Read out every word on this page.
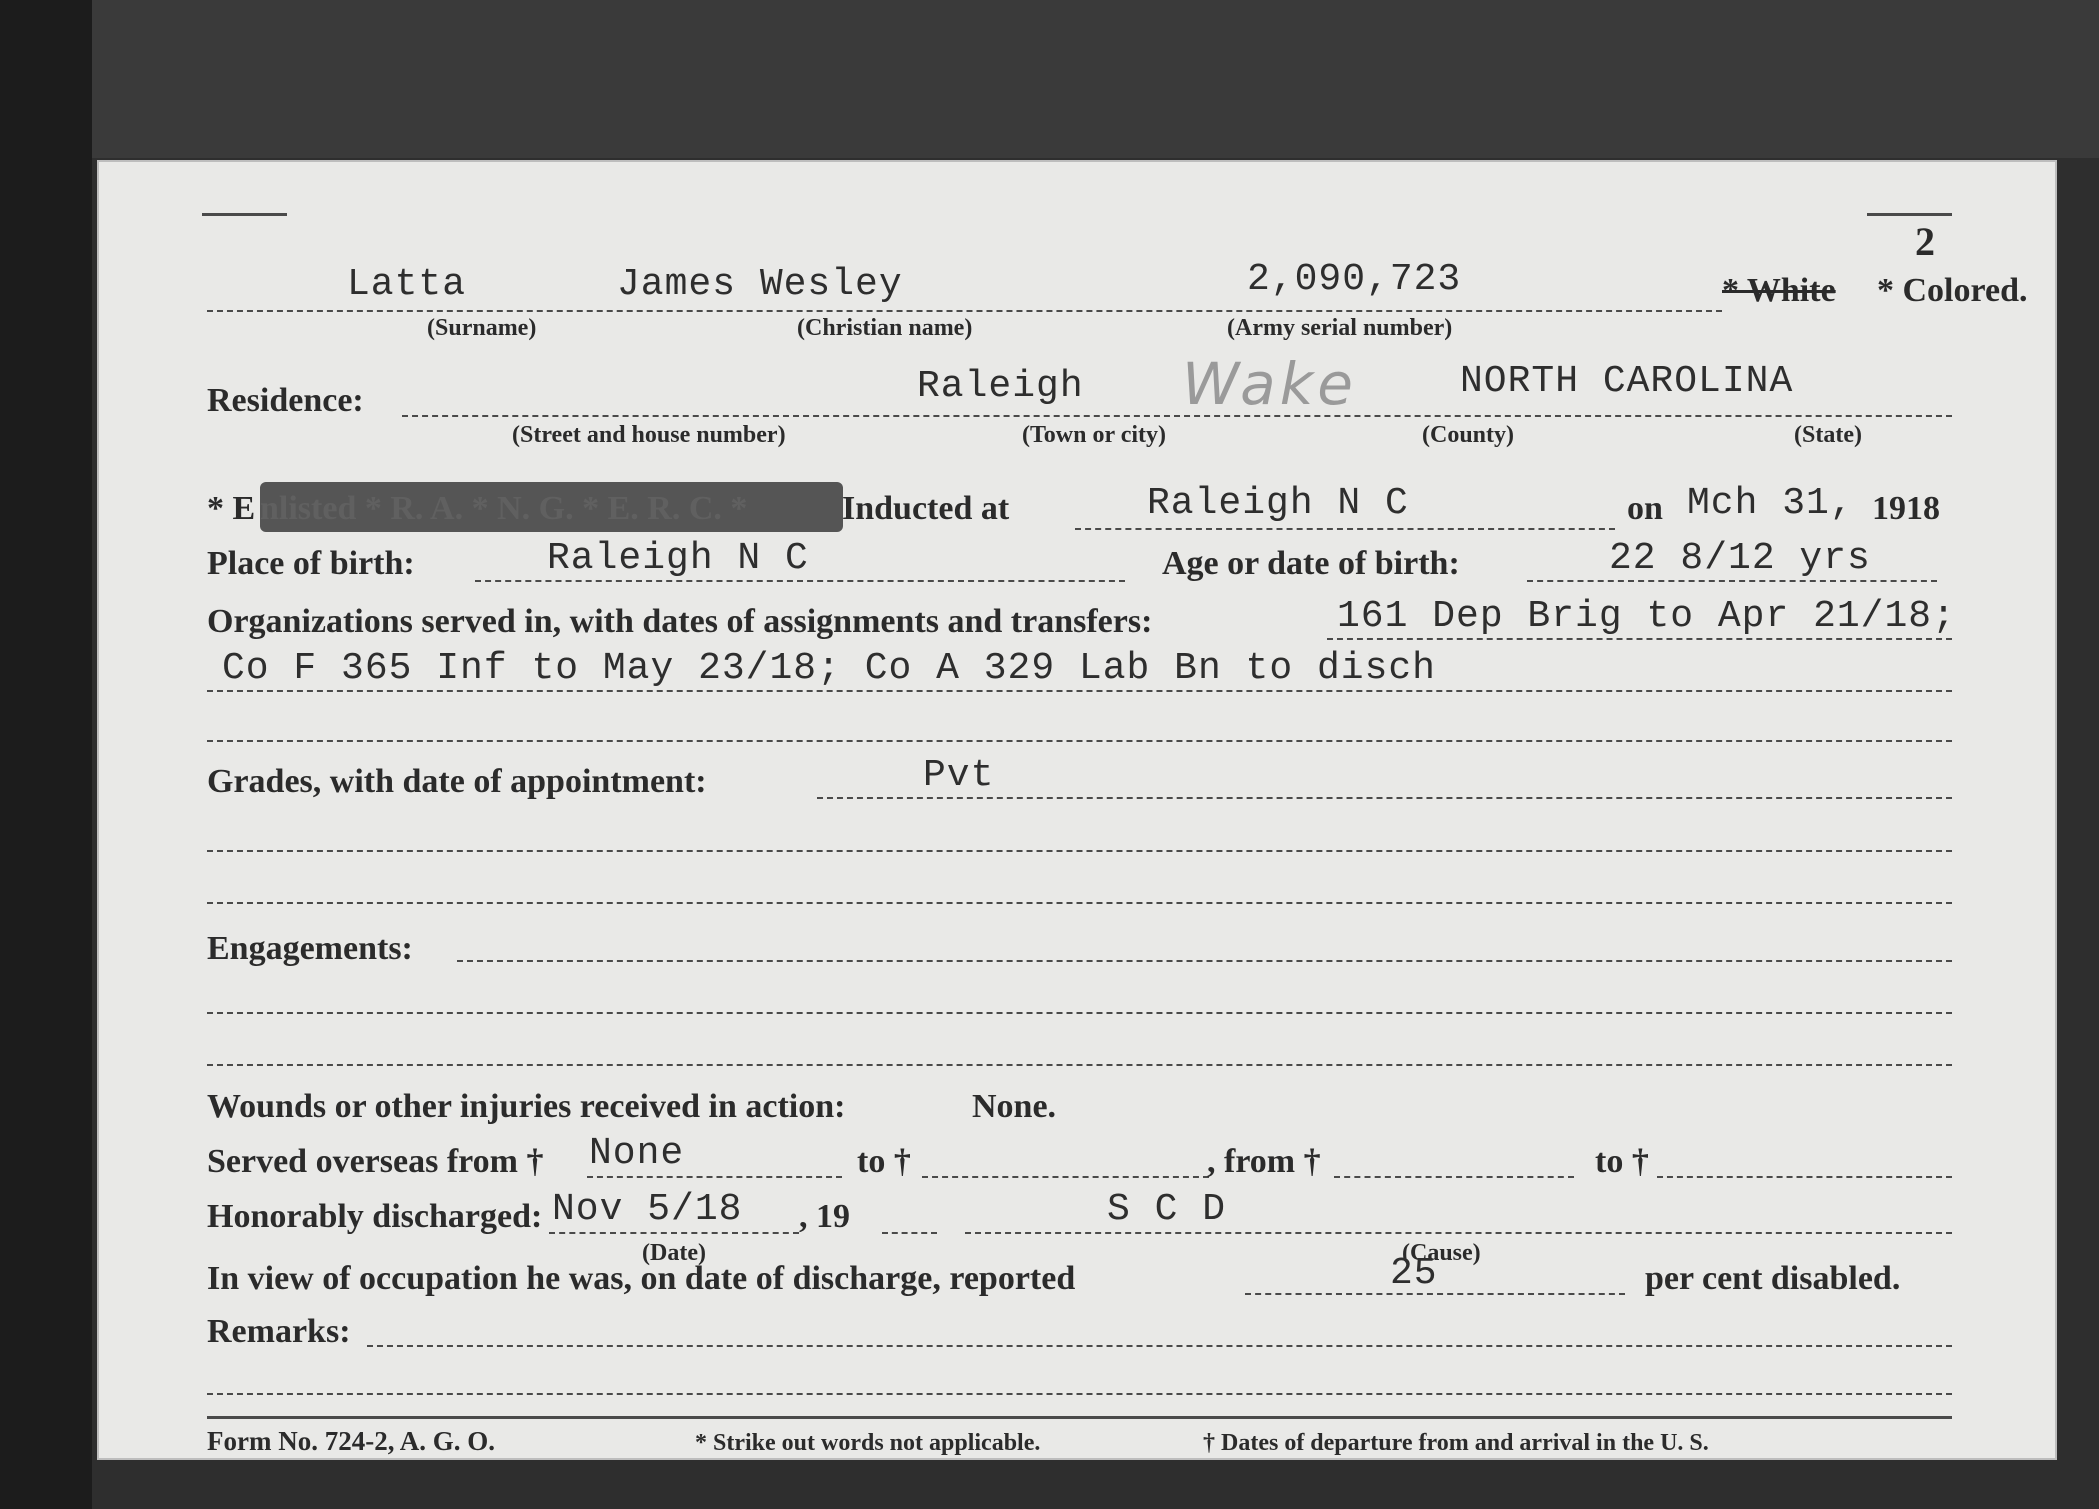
2
Latta	James Wesley	2,090,723	* White * Colored.
(Surname)	(Christian name)	(Army serial number)
Residence:	Raleigh Wake	NORTH CAROLINA
(Street and house number)	(Town or city)	(County)	(State)
* E nlisted * R. A. * N. G. * E. R. C. *	Inducted at	Raleigh N C	on Mch 31, 1918
Place of birth:	Raleigh N C	Age or date of birth:	22 8/12 yrs
Organizations served in, with dates of assignments and transfers:	161 Dep Brig to Apr 21/18;
Co F 365 Inf to May 23/18; Co A 329 Lab Bn to disch
Grades, with date of appointment:	Pvt
Engagements:
Wounds or other injuries received in action:	None.
Served overseas from † None	to †	, from †	to †
Honorably discharged: Nov 5/18 , 19	S C D
(Date)	(Cause)
In view of occupation he was, on date of discharge, reported	25	per cent disabled.
Remarks:
Form No. 724-2, A. G. O.	* Strike out words not applicable.	† Dates of departure from and arrival in the U. S.
